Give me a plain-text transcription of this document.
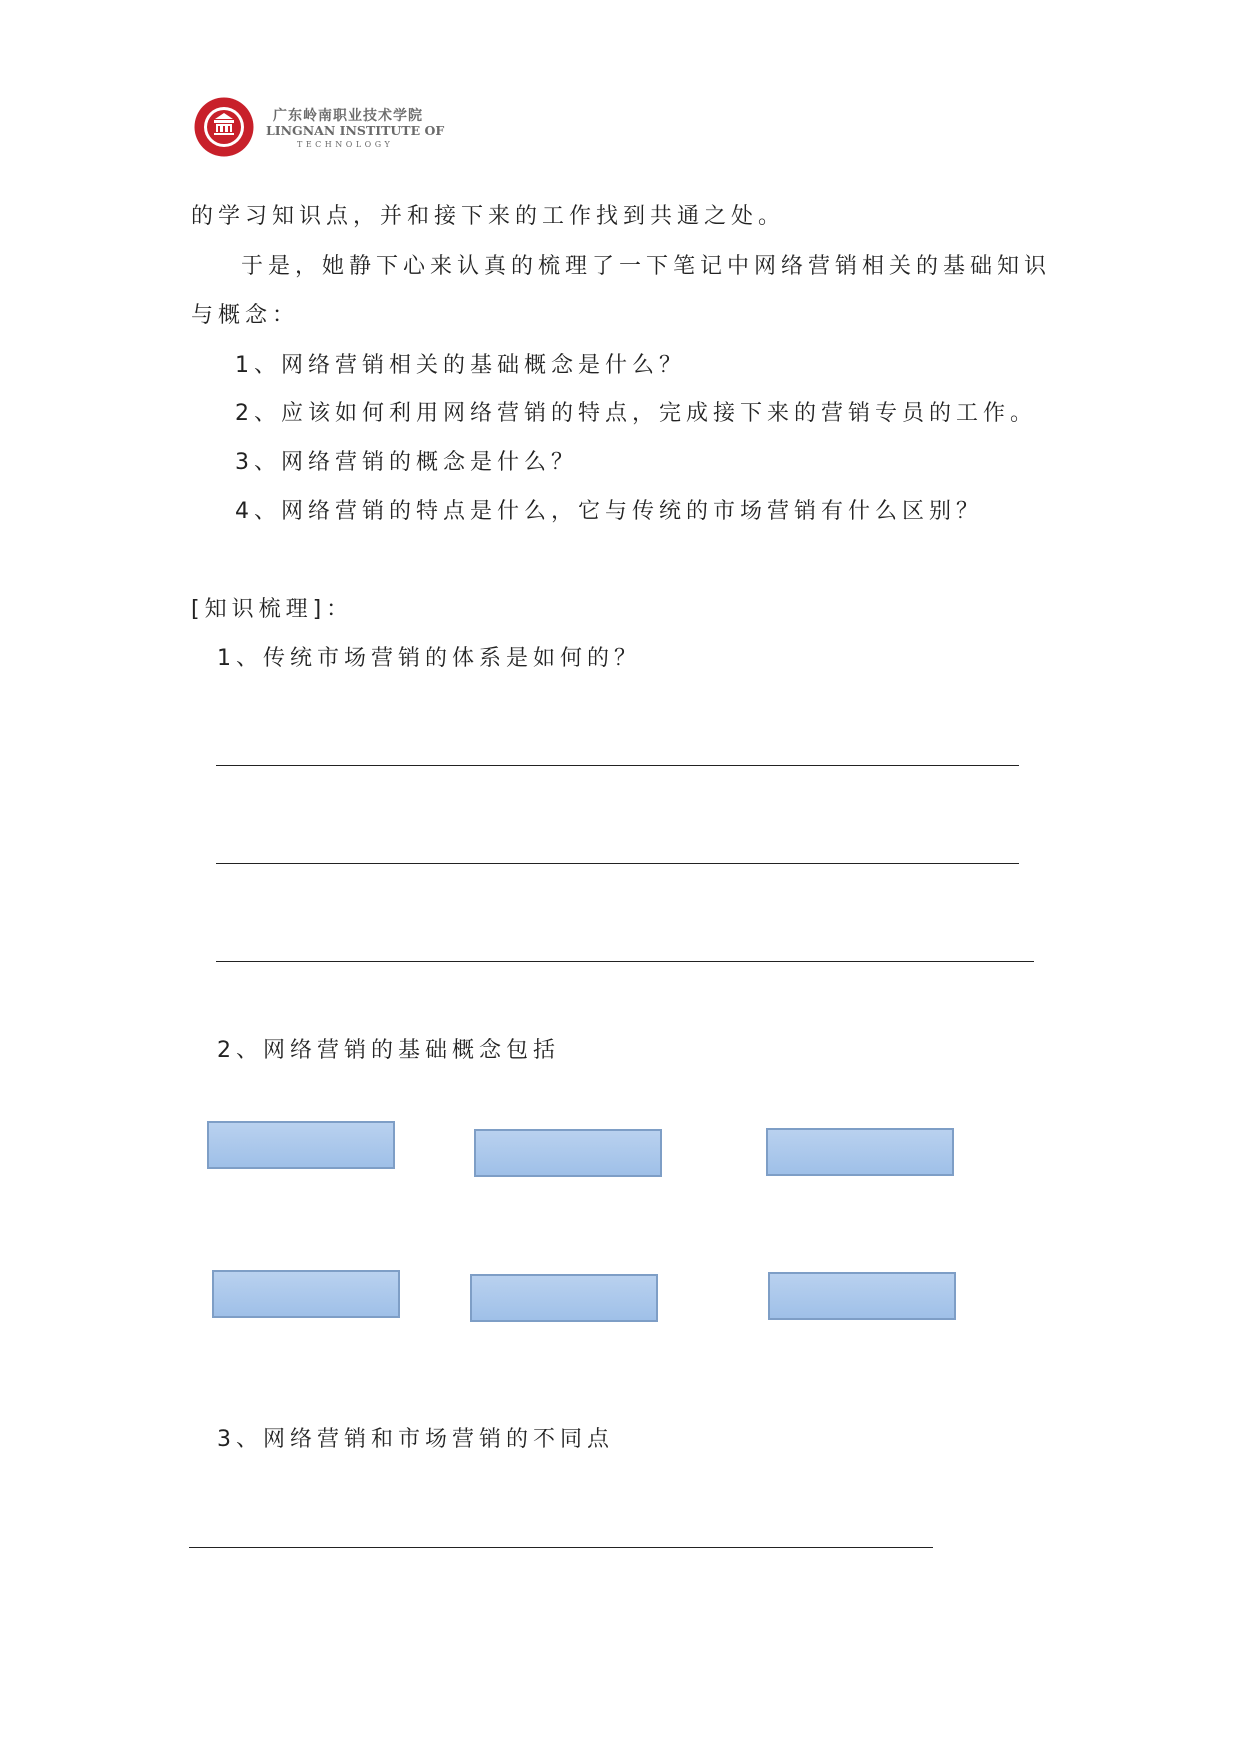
广东岭南职业技术学院
LINGNAN INSTITUTE OF
TECHNOLOGY
的学习知识点，并和接下来的工作找到共通之处。
于是，她静下心来认真的梳理了一下笔记中网络营销相关的基础知识
与概念：
1、网络营销相关的基础概念是什么？
2、应该如何利用网络营销的特点，完成接下来的营销专员的工作。
3、网络营销的概念是什么？
4、网络营销的特点是什么，它与传统的市场营销有什么区别？
[知识梳理]：
1、传统市场营销的体系是如何的？
2、网络营销的基础概念包括
3、网络营销和市场营销的不同点
